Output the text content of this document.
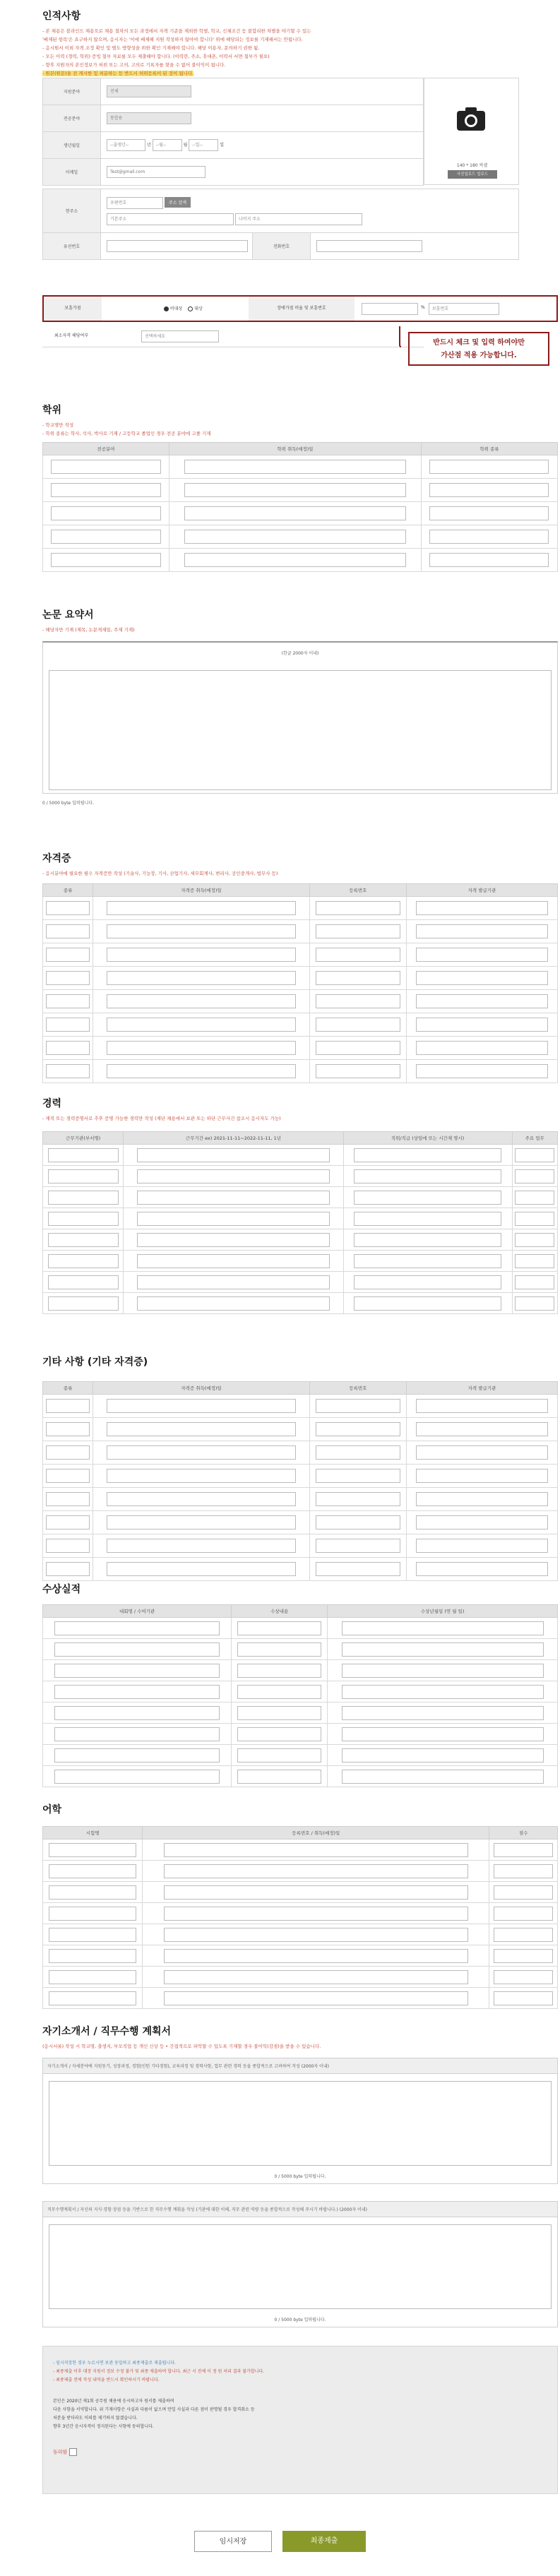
인적사항

- 본 채용은 블라인드 채용으로 채용 절차의 모든 과정에서 자격 기준을 제외한 학벌, 학교, 신체조건 등 불합리한 차별을 야기할 수 있는

'배제된 항목'은 요구하지 않으며, 응시자는 '이에 배제해 지원 작성하지 않아야 합니다' 위에 해당되는 정보를 기재해서는 안됩니다.

- 응시원서 이외 자격 조정 확인 및 별도 방향성을 위한 확인 기재해야 합니다. 해당 이용자, 문의하기 권한 됨.

- 모든 이력 (경력, 학위) 증빙 첨부 자료를 모두 제출해야 합니다. (이력란, 주소, 휴대폰, 이력서 서면 첨부가 필요)

- 향후 지원자의 본인정보가 허위 또는 고의, 고의로 기록자를 찾을 수 없어 불이익이 됩니다.

- 원본(원문)을 전 게시한 및 처분하는 등 반드시 허위등록이 된 것이 됩니다.

지원분야	전체
전공분야	통합용
생년월일	--출생년-- 년 --월-- 월 --일-- 일
이메일	Test@gmail.com
140 * 180 픽셀
사진업로드 업로드
현주소	우편번호 주소 검색
기본주소 나머지 주소		

유선번호		전화번호	
보훈가점	비대상	대상	장애가점 비율 및 보훈번호	%	보훈번호
최소자격 해당여부	선택하세요
반드시 체크 및 입력 하여야만
가산점 적용 가능합니다.
학위

- 학교명만 작성

- 학위 종류는 학사, 석사, 박사로 기재 / 고등학교 졸업인 경우 전공 분야에 고졸 기재

전공분야	학위 취득(예정)일	학위 종류

논문 요약서

- 해당자만 기재 (제목, 논문게재일, 주제 기재)

(한글 2000자 이내)
0 / 5000 byte 입력됩니다.
자격증

- 응시분야에 필요한 필수 자격증만 작성 (기술사, 기능장, 기사, 산업기사, 세무회계사, 변리사, 공인중개사, 법무사 등)

종류	자격증 취득(예정)일	등록번호	자격 발급기관

경력

- 재직 또는 경력증명서로 추후 증명 가능한 경력만 작성 (재단 채용에서 보관 또는 하단 근무사건 참조시 응시자도 가능)

근무기관(부서명)	근무기간 ex) 2021-11-11~2022-11-11, 1년	직위/직급 (상임에 또는 시간제 명시)	주요 업무

기타 사항 (기타 자격증)
종류	자격증 취득(예정)일	등록번호	자격 발급기관

수상실적
대회명 / 수여기관	수상내용	수상년월일 (연 월 일)

어학
시험명	등록번호 / 취득(예정)일	점수

자기소개서 / 직무수행 계획서

(응시서류) 작성 시 학교명, 출생지, 부모직업 등 개인 신상 등 • 간접적으로 파악할 수 있도록 기재할 경우 불이익(감점)을 받을 수 있습니다.

자기소개서 / 자세분야에 지원동기, 성장과정, 경험(인턴 기타경험), 교육과정 및 경력사항, 업무 관련 경력 등을 종합적으로 고려하여 작성 (2000자 이내)
0 / 5000 byte 입력됩니다.
직무수행계획서 / 자신의 지식·경험·장점 등을 기반으로 한 직무수행 계획을 작성 (기관에 대한 이해, 직무 관련 역량 등을 종합적으로 작성해 주시기 바랍니다.) (2000자 이내)
0 / 5000 byte 입력됩니다.

- 임시저장한 경우 누르시면 보관 동일하고 최종제출로 제출됩니다.

- 최종제출 이후 대장 지원서 정보 수정 불가 및 최종 제출하여 합니다. 최근 시 전체 이 정 원 처리 결과 불가합니다.

- 최종제출 전에 작성 내역을 반드시 확인하시기 바랍니다.

본인은 2020년 제1회 공무원 채용에 응시하고자 원서를 제출하며

다음 사항을 서약합니다. 위 기재사항은 사실과 다름이 없으며 만일 사실과 다른 점이 판명될 경우 합격취소 등

처분을 받더라도 이의를 제기하지 않겠습니다.

향후 3년간 응시자격이 정지된다는 사항에 동의합니다.

동의함
임시저장	최종제출
